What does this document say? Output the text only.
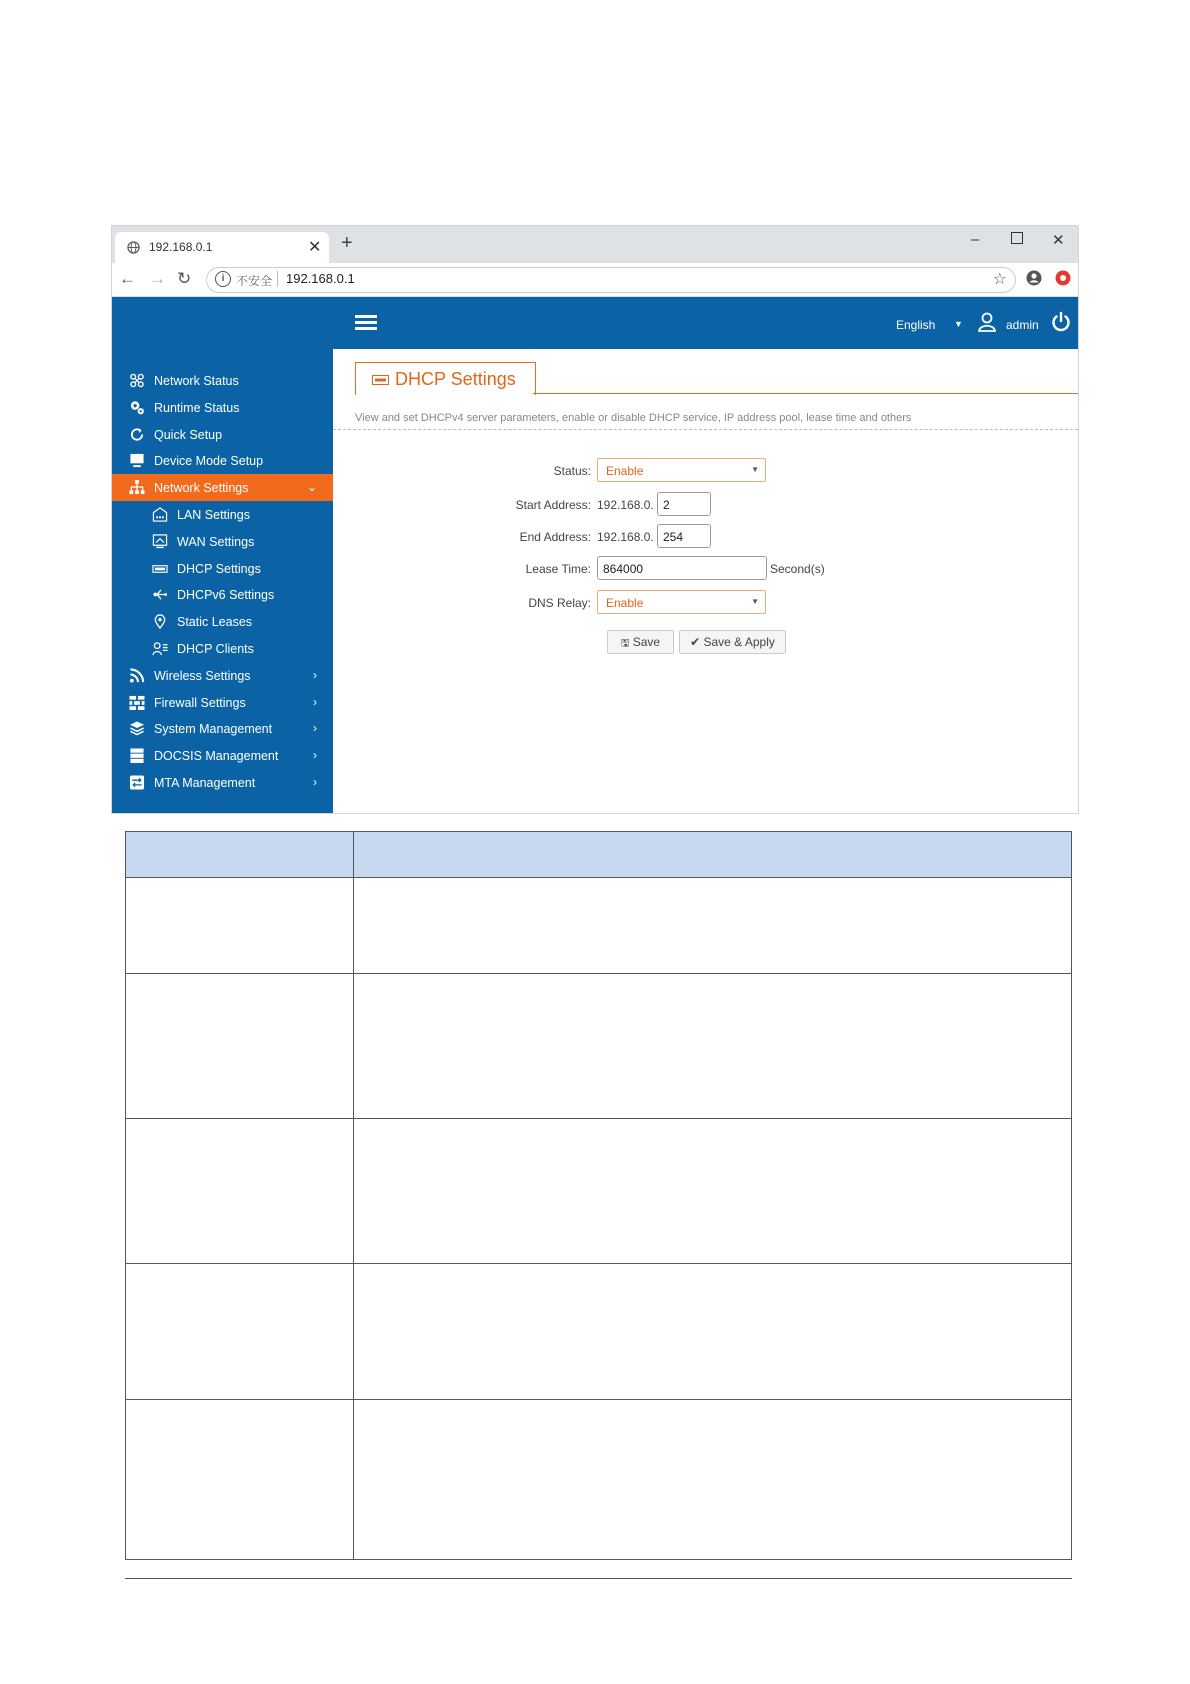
192.168.0.1	✕ +	–	✕
← → ↻	i 不安全 192.168.0.1	☆
English ▼	admin
Network Status
Runtime Status
Quick Setup
Device Mode Setup
Network Settings	⌄
LAN Settings
WAN Settings
DHCP Settings
DHCPv6 Settings
Static Leases
DHCP Clients
Wireless Settings	›
Firewall Settings	›
System Management	›
DOCSIS Management	›
MTA Management	›
DHCP Settings
View and set DHCPv4 server parameters, enable or disable DHCP service, IP address pool, lease time and others
Status: Enable	▼
Start Address: 192.168.0. 2
End Address: 192.168.0. 254
Lease Time: 864000	Second(s)
DNS Relay: Enable	▼
🖫 Save	✔ Save & Apply
